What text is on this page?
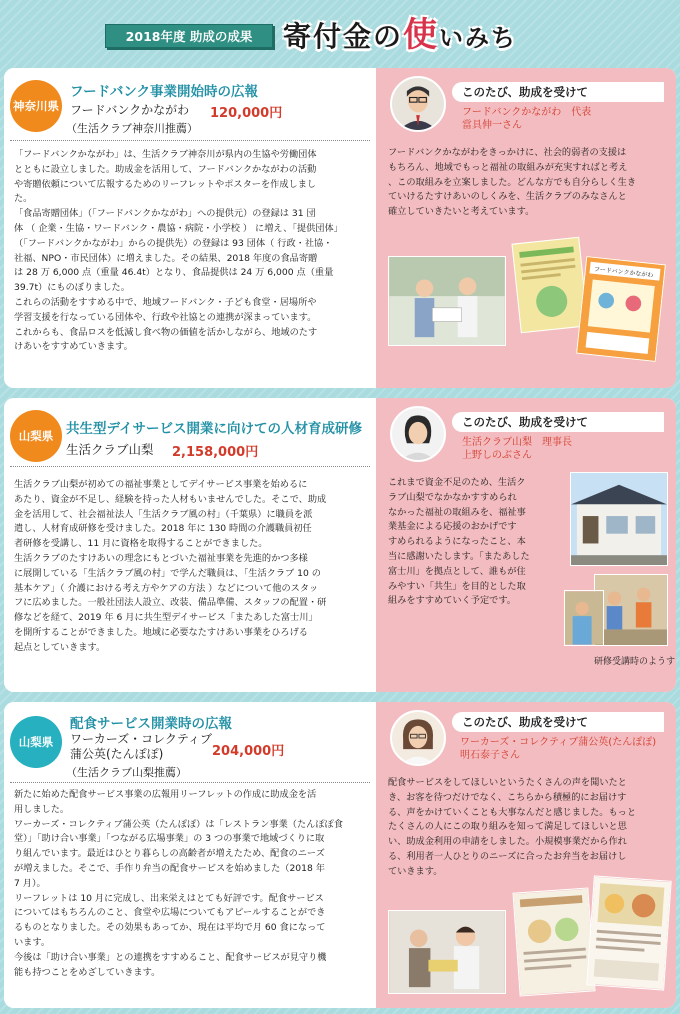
2018年度 助成の成果	寄付金の使いみち
神奈川県
フードバンク事業開始時の広報
フードバンクかながわ 120,000円
（生活クラブ神奈川推薦）

「フードバンクかながわ」は、生活クラブ神奈川が県内の生協や労働団体

とともに設立しました。助成金を活用して、フードバンクかながわの活動

や寄贈依頼について広報するためのリーフレットやポスターを作成しまし

た。

「食品寄贈団体」（「フードバンクかながわ」への提供元）の登録は 31 団

体 （ 企業・生協・ワードバンク・農協・病院・小学校 ） に増え、「提供団体」

（「フードバンクかながわ」からの提供先）の登録は 93 団体（ 行政・社協・

社福、NPO・市民団体）に増えました。その結果、2018 年度の食品寄贈

は 28 万 6,000 点（重量 46.4t）となり、食品提供は 24 万 6,000 点（重量

39.7t）にものぼりました。

これらの活動をすすめる中で、地域フードバンク・子ども食堂・居場所や

学習支援を行なっている団体や、行政や社協との連携が深まっています。

これからも、食品ロスを低減し食べ物の価値を活かしながら、地域のたす

けあいをすすめていきます。

このたび、助成を受けて
フードバンクかながわ　代表
當具伸一さん

フードバンクかながわをきっかけに、社会的弱者の支援は

もちろん、地域でもっと福祉の取組みが充実すればと考え

、この取組みを立案しました。どんな方でも自分らしく生き

ていけるたすけあいのしくみを、生活クラブのみなさんと

確立していきたいと考えています。

フードバンクかながわ
山梨県 共生型デイサービス開業に向けての人材育成研修
生活クラブ山梨 2,158,000円

生活クラブ山梨が初めての福祉事業としてデイサービス事業を始めるに

あたり、資金が不足し、経験を持った人材もいませんでした。そこで、助成

金を活用して、社会福祉法人「生活クラブ風の村」（千葉県）に職員を派

遣し、人材育成研修を受けました。2018 年に 130 時間の介護職員初任

者研修を受講し、11 月に資格を取得することができました。

生活クラブのたすけあいの理念にもとづいた福祉事業を先進的かつ多様

に展開している「生活クラブ風の村」で学んだ職員は、「生活クラブ 10 の

基本ケア」（ 介護における考え方やケアの方法 ）などについて他のスタッ

フに広めました。一般社団法人設立、改装、備品準備、スタッフの配置・研

修などを経て、2019 年 6 月に共生型デイサービス「またあした富士川」

を開所することができました。地域に必要なたすけあい事業をひろげる

起点としていきます。

このたび、助成を受けて
生活クラブ山梨　理事長
上野しのぶさん

これまで資金不足のため、生活ク

ラブ山梨でなかなかすすめられ

なかった福祉の取組みを、福祉事

業基金による応援のおかげです

すめられるようになったこと、本

当に感謝いたします。「またあした

富士川」を拠点として、誰もが住

みやすい「共生」を目的とした取

組みをすすめていく予定です。

研修受講時のようす
山梨県
配食サービス開業時の広報
ワーカーズ・コレクティブ
蒲公英(たんぽぽ)	204,000円
（生活クラブ山梨推薦）

新たに始めた配食サービス事業の広報用リーフレットの作成に助成金を活

用しました。

ワーカーズ・コレクティブ蒲公英（たんぽぽ）は「レストラン事業（たんぽぽ食

堂）」「助け合い事業」「つながる広場事業」の 3 つの事業で地域づくりに取

り組んでいます。最近はひとり暮らしの高齢者が増えたため、配食のニーズ

が増えました。そこで、手作り弁当の配食サービスを始めました（2018 年

7 月）。

リーフレットは 10 月に完成し、出来栄えはとても好評です。配食サービス

についてはもちろんのこと、食堂や広場についてもアピールすることができ

るものとなりました。その効果もあってか、現在は平均で月 60 食になって

います。

今後は「助け合い事業」との連携をすすめること、配食サービスが見守り機

能も持つことをめざしていきます。

このたび、助成を受けて
ワーカーズ・コレクティブ蒲公英(たんぽぽ)
明石泰子さん

配食サービスをしてほしいというたくさんの声を聞いたと

き、お客を待つだけでなく、こちらから積極的にお届けす

る、声をかけていくことも大事なんだと感じました。もっと

たくさんの人にこの取り組みを知って満足してほしいと思

い、助成金利用の申請をしました。小規模事業だから作れ

る、利用者一人ひとりのニーズに合ったお弁当をお届けし

ていきます。
